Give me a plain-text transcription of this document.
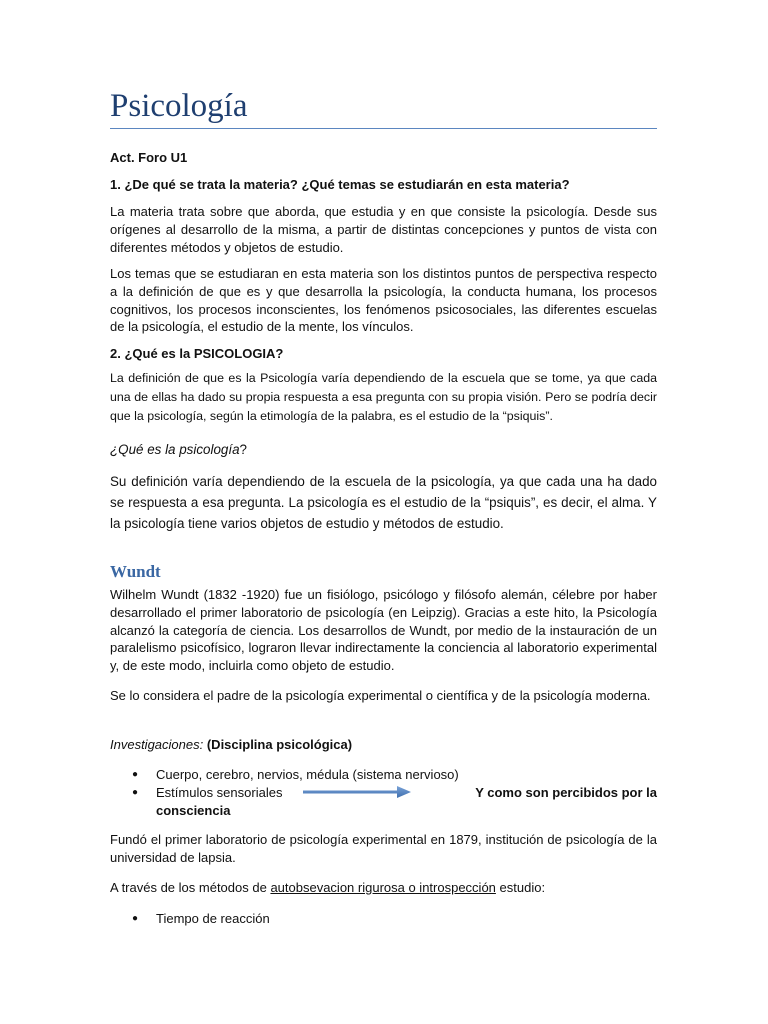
Psicología
Act. Foro U1
1. ¿De qué se trata la materia? ¿Qué temas se estudiarán en esta materia?
La materia trata sobre que aborda, que estudia y en que consiste la psicología. Desde sus orígenes al desarrollo de la misma, a partir de distintas concepciones y puntos de vista con diferentes métodos y objetos de estudio.
Los temas que se estudiaran en esta materia son los distintos puntos de perspectiva respecto a la definición de que es y que desarrolla la psicología, la conducta humana, los procesos cognitivos, los procesos inconscientes, los fenómenos psicosociales, las diferentes escuelas de la psicología, el estudio de la mente, los vínculos.
2. ¿Qué es la PSICOLOGIA?
La definición de que es la Psicología varía dependiendo de la escuela que se tome, ya que cada una de ellas ha dado su propia respuesta a esa pregunta con su propia visión. Pero se podría decir que la psicología, según la etimología de la palabra, es el estudio de la “psiquis”.
¿Qué es la psicología?
Su definición varía dependiendo de la escuela de la psicología, ya que cada una ha dado se respuesta a esa pregunta. La psicología es el estudio de la “psiquis”, es decir, el alma. Y la psicología tiene varios objetos de estudio y métodos de estudio.
Wundt
Wilhelm Wundt (1832 -1920) fue un fisiólogo, psicólogo y filósofo alemán, célebre por haber desarrollado el primer laboratorio de psicología (en Leipzig). Gracias a este hito, la Psicología alcanzó la categoría de ciencia. Los desarrollos de Wundt, por medio de la instauración de un paralelismo psicofísico, lograron llevar indirectamente la conciencia al laboratorio experimental y, de este modo, incluirla como objeto de estudio.
Se lo considera el padre de la psicología experimental o científica y de la psicología moderna.
Investigaciones: (Disciplina psicológica)
● Cuerpo, cerebro, nervios, médula (sistema nervioso)
● Estímulos sensoriales	Y como son percibidos por la

consciencia
Fundó el primer laboratorio de psicología experimental en 1879, institución de psicología de la universidad de lapsia.
A través de los métodos de autobsevacion rigurosa o introspección estudio:
● Tiempo de reacción
